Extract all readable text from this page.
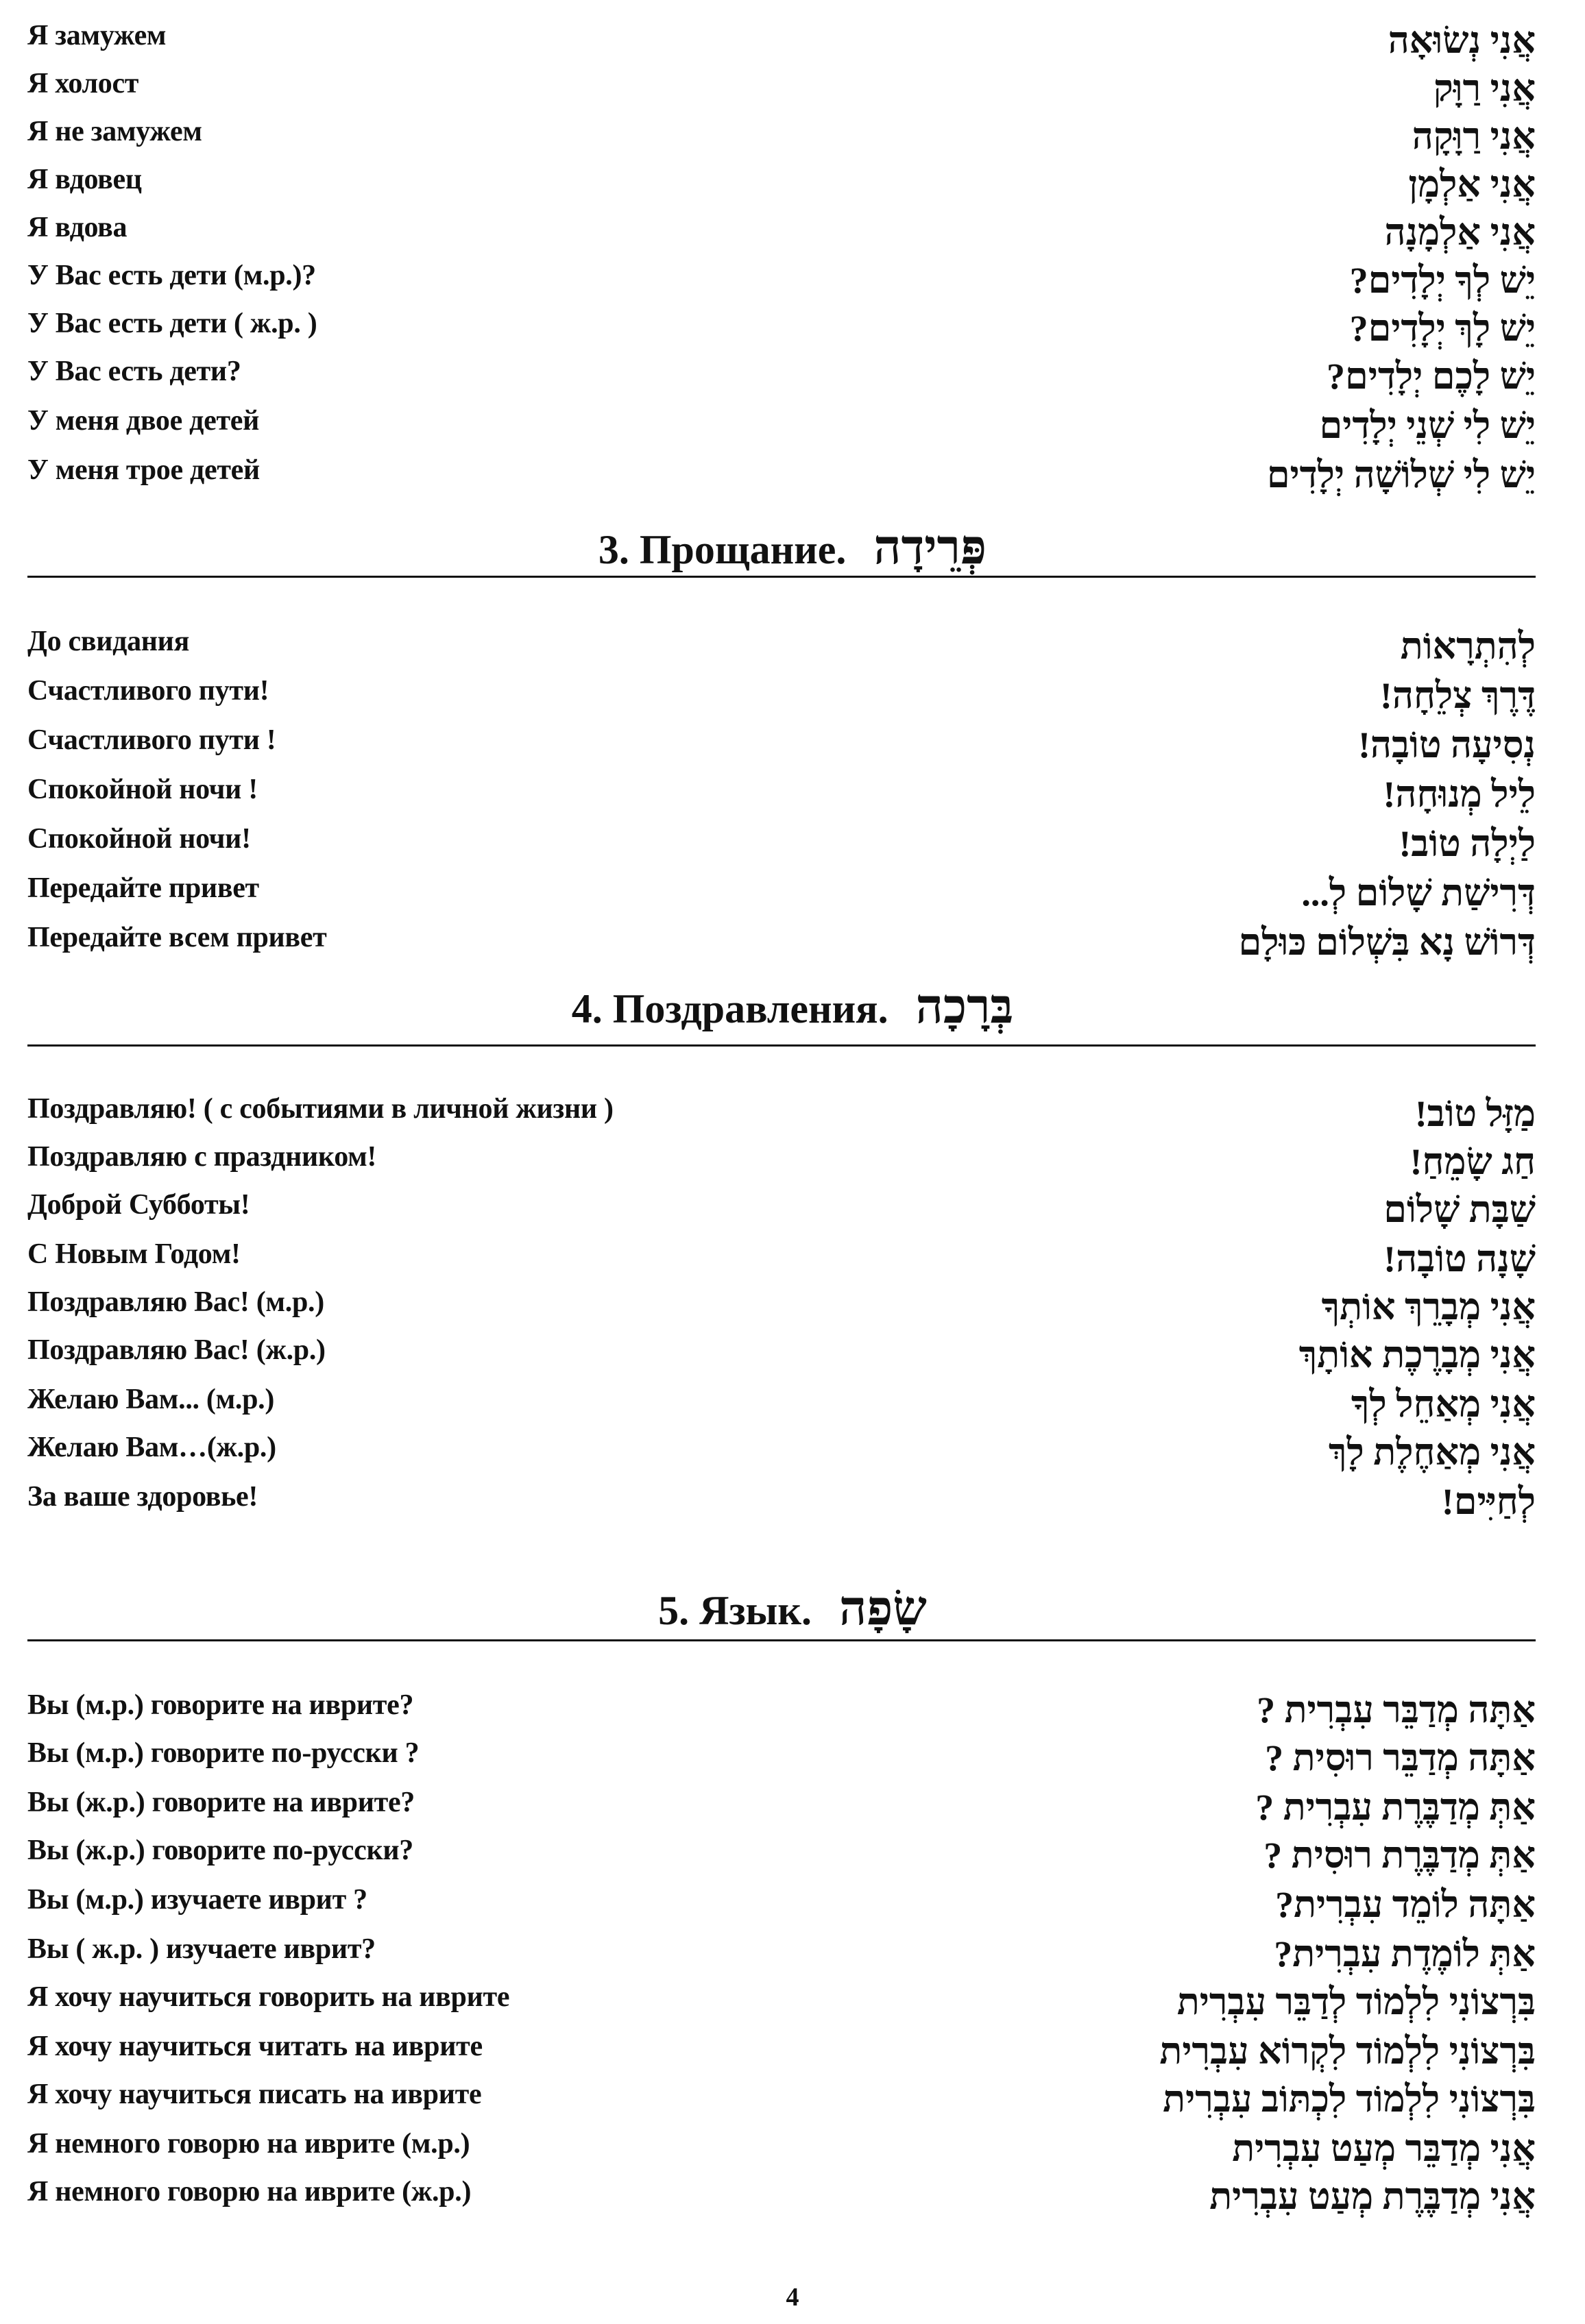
Я замужем	אֲנִי נְשׂוּאָה
Я холост	אֲנִי רַוָּק
Я не замужем	אֲנִי רַוָּקָה
Я вдовец	אֲנִי אַלְמָן
Я вдова	אֲנִי אַלְמָנָה
У Вас есть дети (м.р.)?	יֵשׁ לְךָ יְלָדִים?
У Вас есть дети ( ж.р. )	יֵשׁ לָךְ יְלָדִים?
У Вас есть дети?	יֵשׁ לָכֶם יְלָדִים?
У меня двое детей	יֵשׁ לִי שְׁנֵי יְלָדִים
У меня трое детей	יֵשׁ לִי שְׁלוֹשָׁה יְלָדִים
3. Прощание. פְּרֵידָה
До свидания	לְהִתְרָאוֹת
Счастливого пути!	דֶּרֶךְ צְלֵחָה!
Счастливого пути !	נְסִיעָה טוֹבָה!
Спокойной ночи !	לֵיל מְנוּחָה!
Спокойной ночи!	לַיְלָה טוֹב!
Передайте привет	דְּרִישַׁת שָׁלוֹם לְ...
Передайте всем привет	דְּרוֹשׁ נָא בִּשְׁלוֹם כּוּלָם
4. Поздравления. בְּרָכָה
Поздравляю! ( с событиями в личной жизни )	מַזָּל טוֹב!
Поздравляю с праздником!	חַג שָׂמֵחַ!
Доброй Субботы!	שַׁבָּת שָׁלוֹם
С Новым Годом!	שָׁנָה טוֹבָה!
Поздравляю Вас! (м.р.)	אֲנִי מְבָרֵךְ אוֹתְךָ
Поздравляю Вас! (ж.р.)	אֲנִי מְבָרֶכֶת אוֹתָךְ
Желаю Вам... (м.р.)	אֲנִי מְאַחֵל לְךָ
Желаю Вам…(ж.р.)	אֲנִי מְאַחֶלֶת לָךְ
За ваше здоровье!	לְחַיִּים!
5. Язык. שָׂפָה
Вы (м.р.) говорите на иврите?	אַתָּה מְדַבֵּר עִבְרִית ?
Вы (м.р.) говорите по-русски ?	אַתָּה מְדַבֵּר רוּסִית ?
Вы (ж.р.) говорите на иврите?	אַתְּ מְדַבֶּרֶת עִבְרִית ?
Вы (ж.р.) говорите по-русски?	אַתְּ מְדַבֶּרֶת רוּסִית ?
Вы (м.р.) изучаете иврит ?	אַתָּה לוֹמֵד עִבְרִית?
Вы ( ж.р. ) изучаете иврит?	אַתְּ לוֹמֶדֶת עִבְרִית?
Я хочу научиться говорить на иврите	בִּרְצוֹנִי לִלְמוֹד לְדַבֵּר עִבְרִית
Я хочу научиться читать на иврите	בִּרְצוֹנִי לִלְמוֹד לִקְרוֹא עִבְרִית
Я хочу научиться писать на иврите	בִּרְצוֹנִי לִלְמוֹד לִכְתּוֹב עִבְרִית
Я немного говорю на иврите (м.р.)	אֲנִי מְדַבֵּר מְעַט עִבְרִית
Я немного говорю на иврите (ж.р.)	אֲנִי מְדַבֶּרֶת מְעַט עִבְרִית
4
